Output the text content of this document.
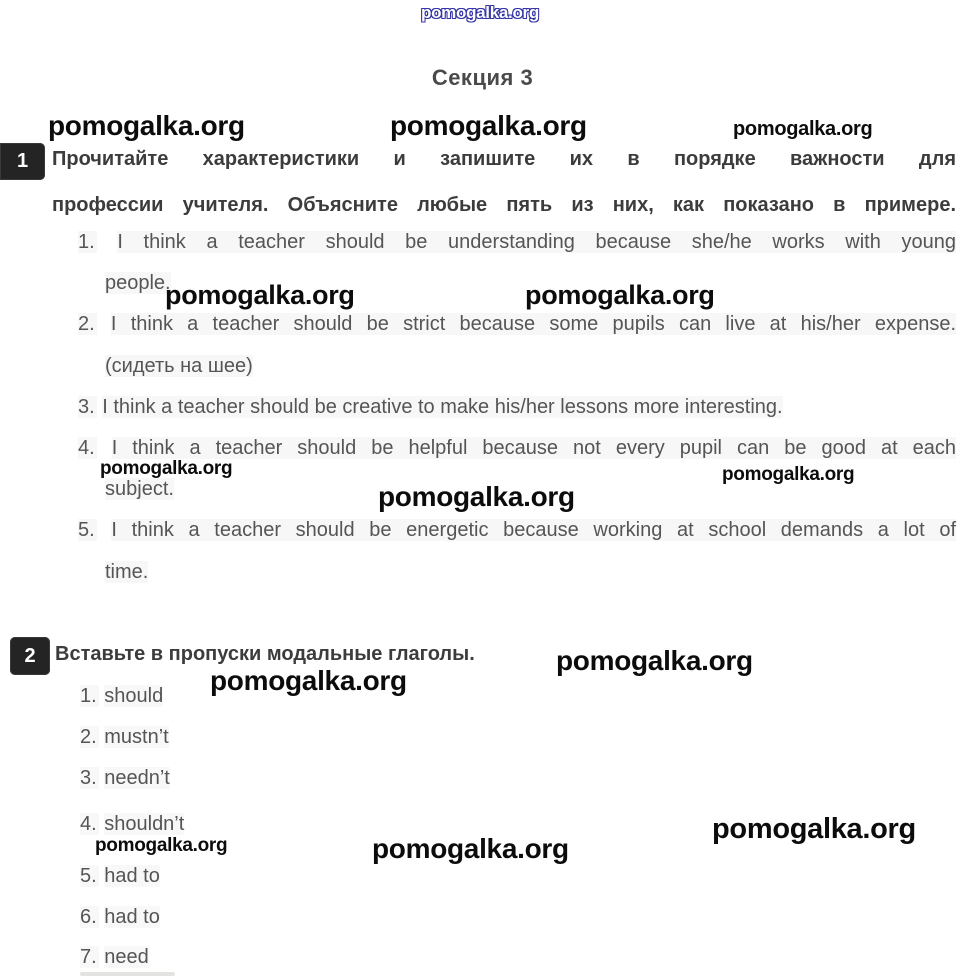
pomogalka.org
Секция 3
pomogalka.org	pomogalka.org	pomogalka.org
1	Прочитайте характеристики и запишите их в порядке важности для
профессии учителя. Объясните любые пять из них, как показано в примере.
1. I think a teacher should be understanding because she/he works with young
people.
2. I think a teacher should be strict because some pupils can live at his/her expense.
(сидеть на шее)
3. I think a teacher should be creative to make his/her lessons more interesting.
4. I think a teacher should be helpful because not every pupil can be good at each
subject.
5. I think a teacher should be energetic because working at school demands a lot of
time.
pomogalka.org	pomogalka.org
pomogalka.org	pomogalka.org
pomogalka.org
2 Вставьте в пропуски модальные глаголы.	pomogalka.org
pomogalka.org
1. should
2. mustn’t
3. needn’t
4. shouldn’t
5. had to
6. had to
7. need
pomogalka.org	pomogalka.org
pomogalka.org
